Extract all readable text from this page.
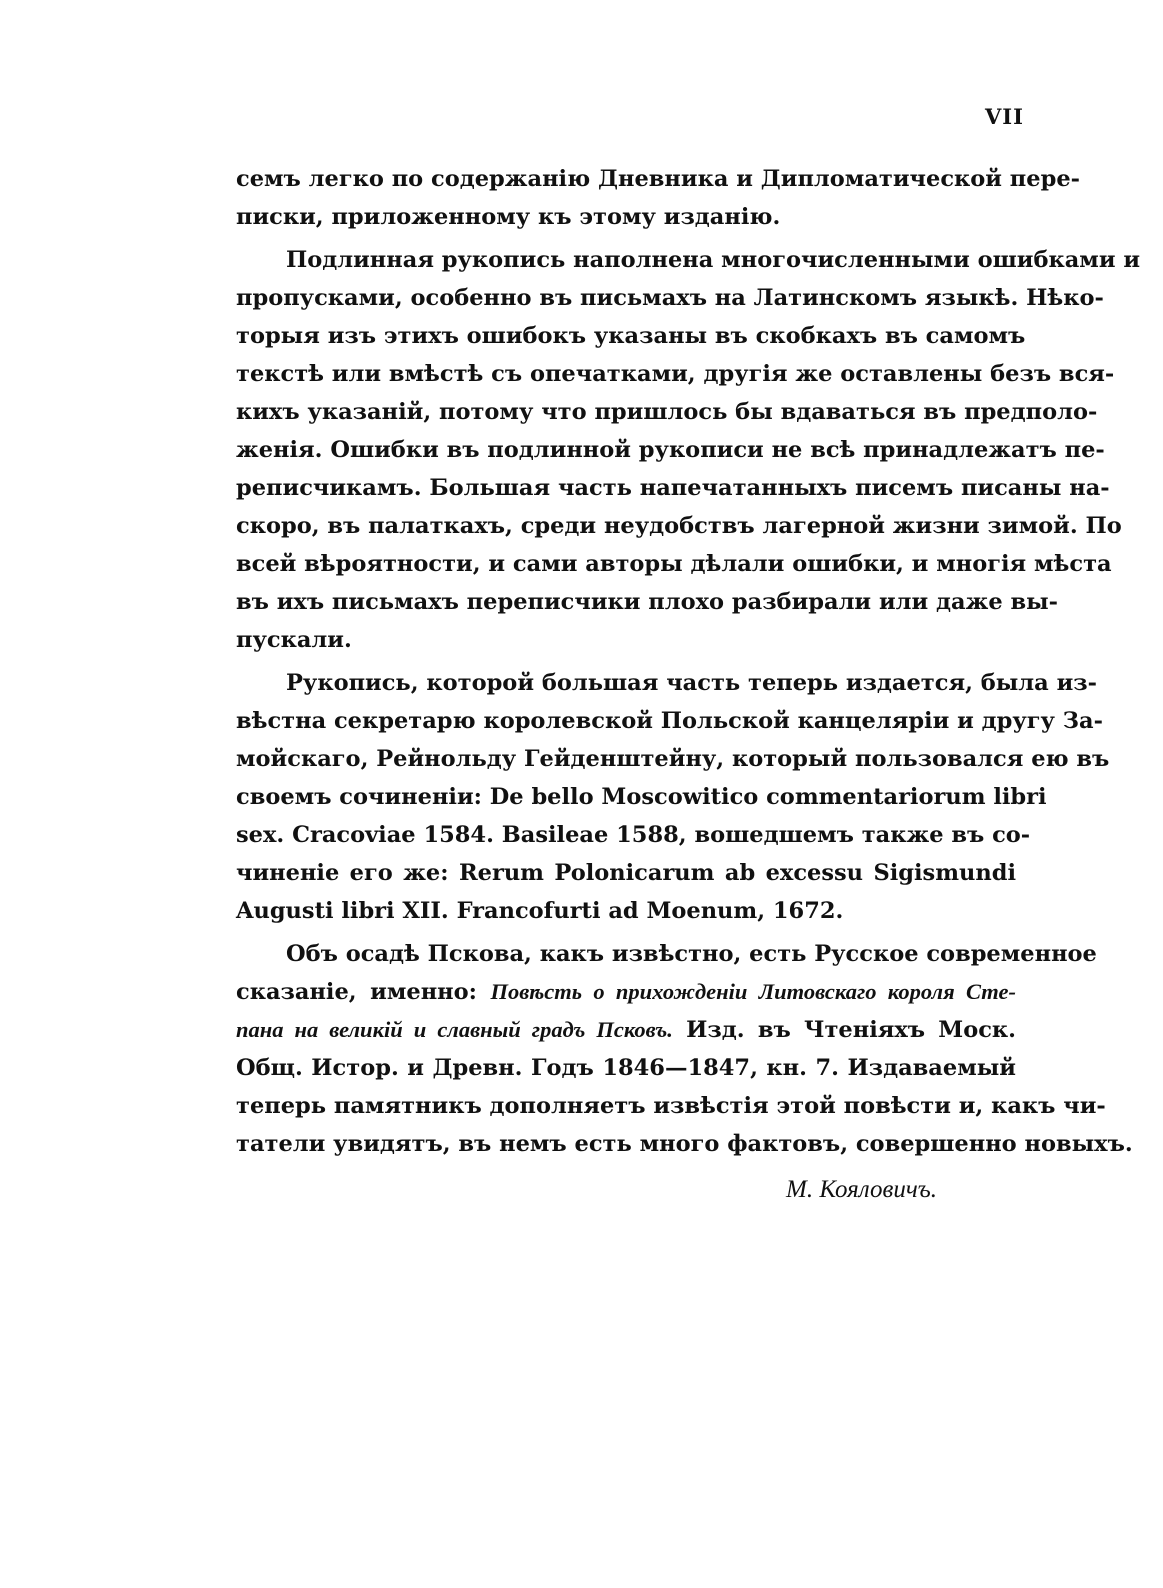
VII
семъ легко по содержанію Дневника и Дипломатической пере-
писки, приложенному къ этому изданію.
Подлинная рукопись наполнена многочисленными ошибками и
пропусками, особенно въ письмахъ на Латинскомъ языкѣ. Нѣко-
торыя изъ этихъ ошибокъ указаны въ скобкахъ въ самомъ
текстѣ или вмѣстѣ съ опечатками, другія же оставлены безъ вся-
кихъ указаній, потому что пришлось бы вдаваться въ предполо-
женія. Ошибки въ подлинной рукописи не всѣ принадлежатъ пе-
реписчикамъ. Большая часть напечатанныхъ писемъ писаны на-
скоро, въ палаткахъ, среди неудобствъ лагерной жизни зимой. По
всей вѣроятности, и сами авторы дѣлали ошибки, и многія мѣста
въ ихъ письмахъ переписчики плохо разбирали или даже вы-
пускали.
Рукопись, которой большая часть теперь издается, была из-
вѣстна секретарю королевской Польской канцеляріи и другу За-
мойскаго, Рейнольду Гейденштейну, который пользовался ею въ
своемъ сочиненіи: De bello Moscowitico commentariorum libri
sex. Cracoviae 1584. Basileae 1588, вошедшемъ также въ со-
чиненіе его же: Rerum Polonicarum ab excessu Sigismundi
Augusti libri XII. Francofurti ad Moenum, 1672.
Объ осадѣ Пскова, какъ извѣстно, есть Русское современное
сказаніе, именно: Повѣсть о прихожденіи Литовскаго короля Сте-
пана на великій и славный градъ Псковъ. Изд. въ Чтеніяхъ Моск.
Общ. Истор. и Древн. Годъ 1846—1847, кн. 7. Издаваемый
теперь памятникъ дополняетъ извѣстія этой повѣсти и, какъ чи-
татели увидятъ, въ немъ есть много фактовъ, совершенно новыхъ.
М. Кояловичъ.
